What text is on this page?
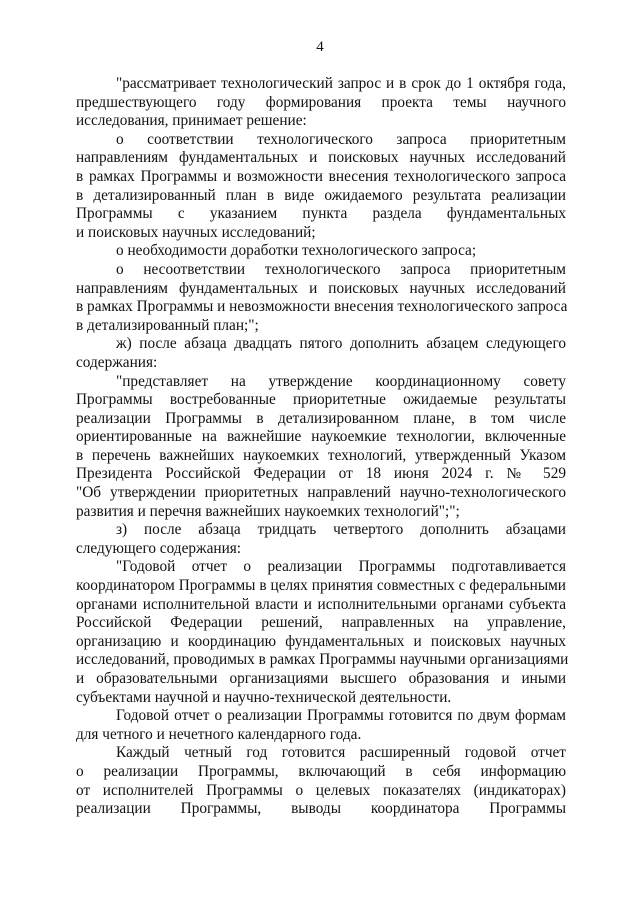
4
"рассматривает технологический запрос и в срок до 1 октября года,
предшествующего году формирования проекта темы научного
исследования, принимает решение:
о соответствии технологического запроса приоритетным
направлениям фундаментальных и поисковых научных исследований
в рамках Программы и возможности внесения технологического запроса
в детализированный план в виде ожидаемого результата реализации
Программы с указанием пункта раздела фундаментальных
и поисковых научных исследований;
о необходимости доработки технологического запроса;
о несоответствии технологического запроса приоритетным
направлениям фундаментальных и поисковых научных исследований
в рамках Программы и невозможности внесения технологического запроса
в детализированный план;";
ж) после абзаца двадцать пятого дополнить абзацем следующего
содержания:
"представляет на утверждение координационному совету
Программы востребованные приоритетные ожидаемые результаты
реализации Программы в детализированном плане, в том числе
ориентированные на важнейшие наукоемкие технологии, включенные
в перечень важнейших наукоемких технологий, утвержденный Указом
Президента Российской Федерации от 18 июня 2024 г. № 529
"Об утверждении приоритетных направлений научно-технологического
развития и перечня важнейших наукоемких технологий";";
з) после абзаца тридцать четвертого дополнить абзацами
следующего содержания:
"Годовой отчет о реализации Программы подготавливается
координатором Программы в целях принятия совместных с федеральными
органами исполнительной власти и исполнительными органами субъекта
Российской Федерации решений, направленных на управление,
организацию и координацию фундаментальных и поисковых научных
исследований, проводимых в рамках Программы научными организациями
и образовательными организациями высшего образования и иными
субъектами научной и научно-технической деятельности.
Годовой отчет о реализации Программы готовится по двум формам
для четного и нечетного календарного года.
Каждый четный год готовится расширенный годовой отчет
о реализации Программы, включающий в себя информацию
от исполнителей Программы о целевых показателях (индикаторах)
реализации Программы, выводы координатора Программы
